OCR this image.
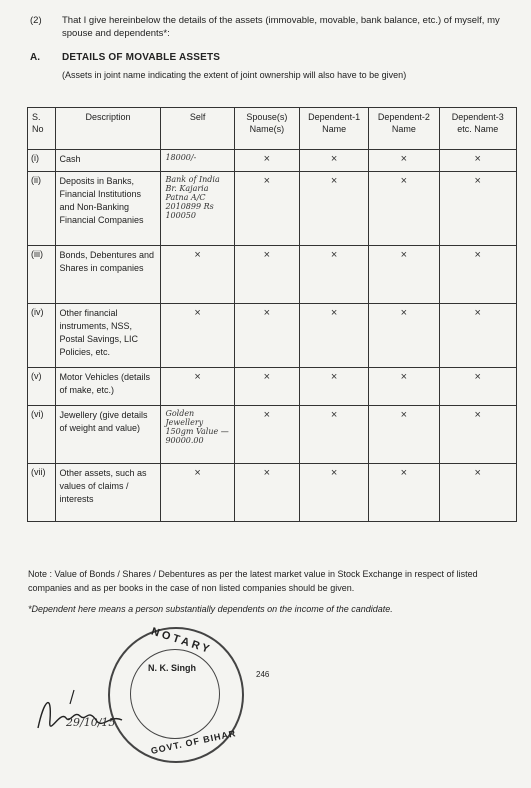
(2) That I give hereinbelow the details of the assets (immovable, movable, bank balance, etc.) of myself, my spouse and dependents*:
A. DETAILS OF MOVABLE ASSETS
(Assets in joint name indicating the extent of joint ownership will also have to be given)
S. No	Description	Self	Spouse(s) Name(s)	Dependent-1 Name	Dependent-2 Name	Dependent-3 etc. Name
(i)	Cash	18000/-	×	×	×	×
(ii)	Deposits in Banks, Financial Institutions and Non-Banking Financial Companies	Bank of India Br. Kajaria Patna A/C 2010899 Rs 100050	×	×	×	×
(iii)	Bonds, Debentures and Shares in companies	×	×	×	×	×
(iv)	Other financial instruments, NSS, Postal Savings, LIC Policies, etc.	×	×	×	×	×
(v)	Motor Vehicles (details of make, etc.)	×	×	×	×	×
(vi)	Jewellery (give details of weight and value)	Golden Jewellery 150gm Value — 90000.00	×	×	×	×
(vii)	Other assets, such as values of claims / interests	×	×	×	×	×
Note : Value of Bonds / Shares / Debentures as per the latest market value in Stock Exchange in respect of listed companies and as per books in the case of non listed companies should be given.
*Dependent here means a person substantially dependents on the income of the candidate.
246
NOTARY
N. K. Singh
GOVT. OF BIHAR
29/10/15
